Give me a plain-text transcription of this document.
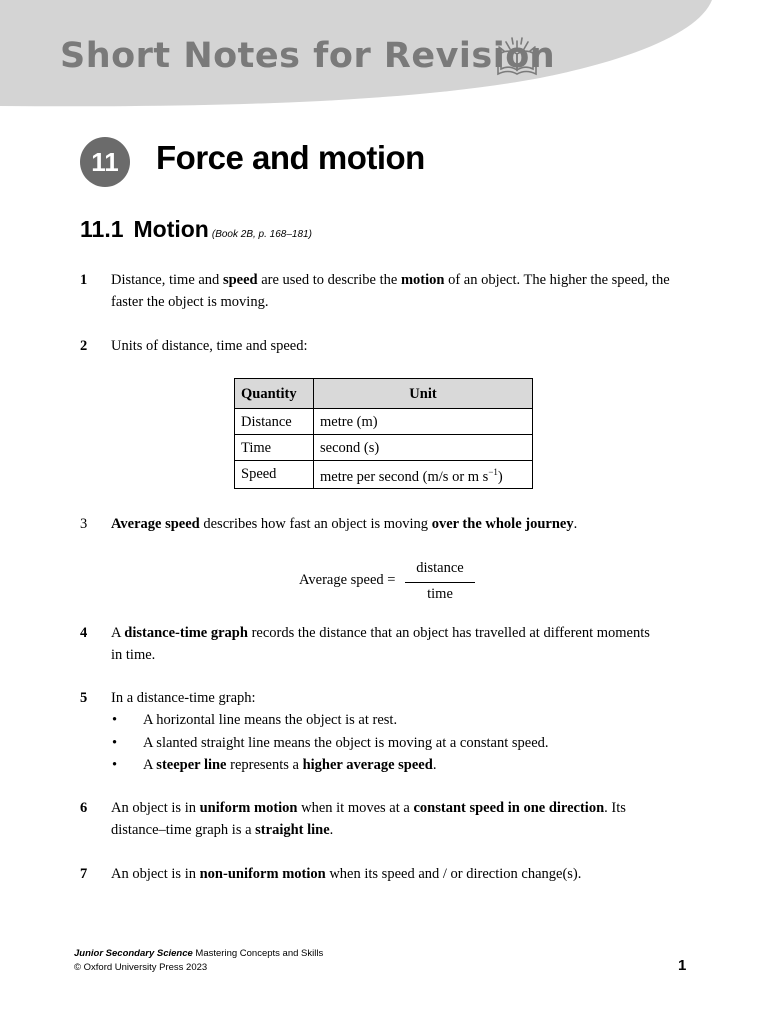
Short Notes for Revision
11	Force and motion
11.1 Motion (Book 2B, p. 168–181)
1 Distance, time and speed are used to describe the motion of an object. The higher the speed, the faster the object is moving.
2 Units of distance, time and speed:
Quantity	Unit
Distance	metre (m)
Time	second (s)
Speed	metre per second (m/s or m $s^{-1}$)
3 Average speed describes how fast an object is moving over the whole journey.
Average speed =
distance
time
4 A distance-time graph records the distance that an object has travelled at different moments in time.
5 In a distance-time graph:
• A horizontal line means the object is at rest.
• A slanted straight line means the object is moving at a constant speed.
• A steeper line represents a higher average speed.
6 An object is in uniform motion when it moves at a constant speed in one direction. Its distance–time graph is a straight line.
7 An object is in non-uniform motion when its speed and / or direction change(s).
Junior Secondary Science Mastering Concepts and Skills
© Oxford University Press 2023	1
